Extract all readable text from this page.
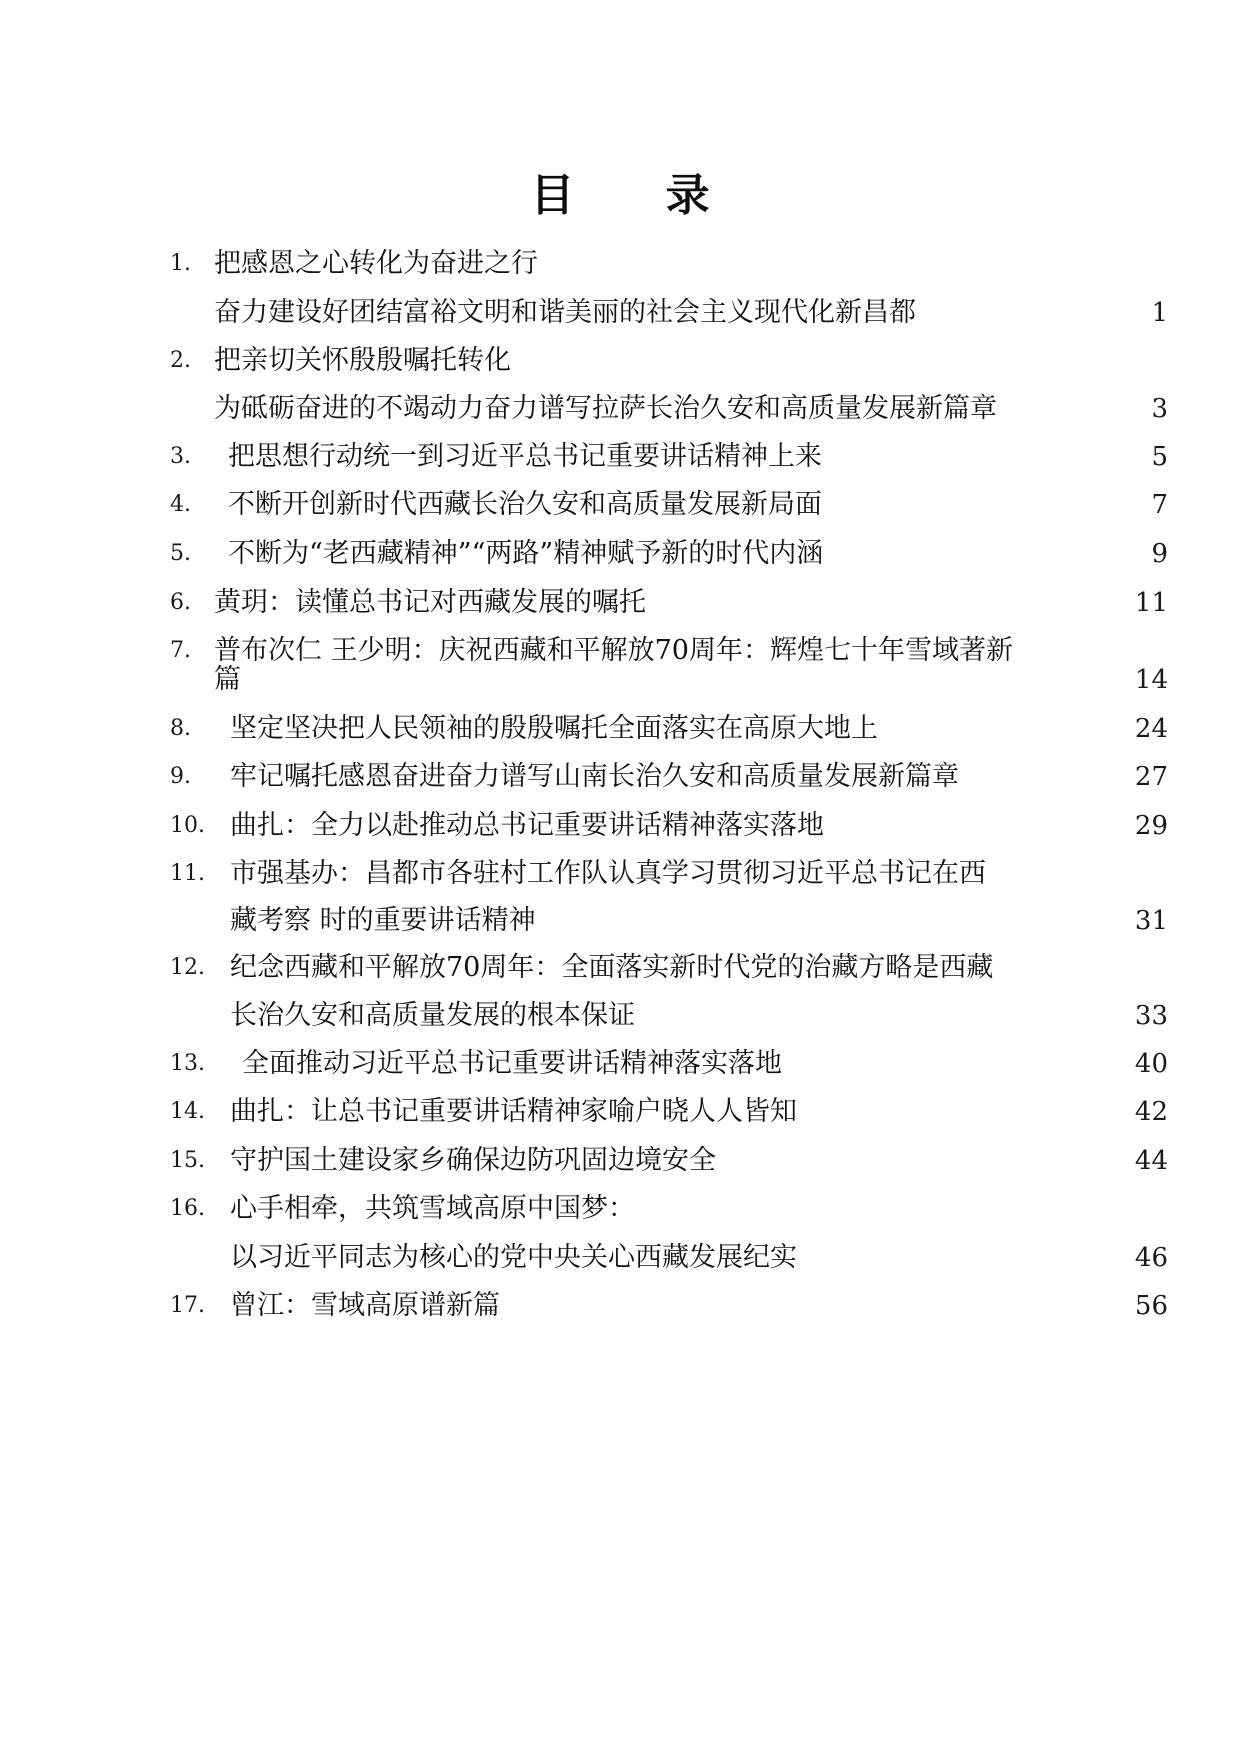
目 录
1. 把感恩之心转化为奋进之行
奋力建设好团结富裕文明和谐美丽的社会主义现代化新昌都	1
2. 把亲切关怀殷殷嘱托转化
为砥砺奋进的不竭动力奋力谱写拉萨长治久安和高质量发展新篇章	3
3.	把思想行动统一到习近平总书记重要讲话精神上来	5
4.	不断开创新时代西藏长治久安和高质量发展新局面	7
5.	不断为“老西藏精神”“两路”精神赋予新的时代内涵	9
6. 黄玥：读懂总书记对西藏发展的嘱托	11
7. 普布次仁 王少明：庆祝西藏和平解放70周年：辉煌七十年雪域著新
篇	14
8.	坚定坚决把人民领袖的殷殷嘱托全面落实在高原大地上	24
9.	牢记嘱托感恩奋进奋力谱写山南长治久安和高质量发展新篇章	27
10. 曲扎：全力以赴推动总书记重要讲话精神落实落地	29
11. 市强基办：昌都市各驻村工作队认真学习贯彻习近平总书记在西
藏考察 时的重要讲话精神	31
12. 纪念西藏和平解放70周年：全面落实新时代党的治藏方略是西藏
长治久安和高质量发展的根本保证	33
13.	全面推动习近平总书记重要讲话精神落实落地	40
14. 曲扎：让总书记重要讲话精神家喻户晓人人皆知	42
15. 守护国土建设家乡确保边防巩固边境安全	44
16. 心手相牵，共筑雪域高原中国梦：
以习近平同志为核心的党中央关心西藏发展纪实	46
17. 曾江：雪域高原谱新篇	56
